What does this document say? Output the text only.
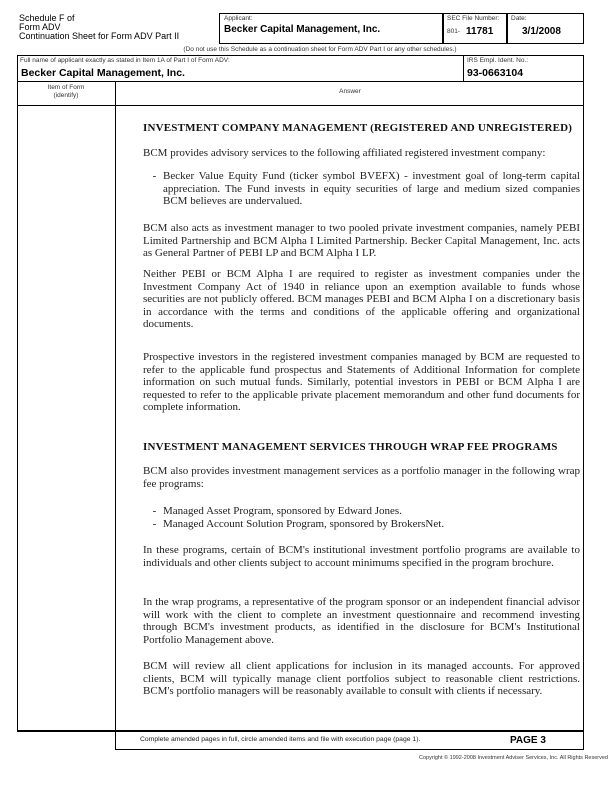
Schedule F of
Form ADV
Continuation Sheet for Form ADV Part II
Applicant:
Becker Capital Management, Inc.
SEC File Number:
801- 11781
Date:
3/1/2008
(Do not use this Schedule as a continuation sheet for Form ADV Part I or any other schedules.)
Full name of applicant exactly as stated in Item 1A of Part I of Form ADV:
Becker Capital Management, Inc.
IRS Empl. Ident. No.:
93-0663104
Item of Form
(identify)
Answer
INVESTMENT COMPANY MANAGEMENT (REGISTERED AND UNREGISTERED)
BCM provides advisory services to the following affiliated registered investment company:
- Becker Value Equity Fund (ticker symbol BVEFX) - investment goal of long-term capital appreciation. The Fund invests in equity securities of large and medium sized companies BCM believes are undervalued.
BCM also acts as investment manager to two pooled private investment companies, namely PEBI Limited Partnership and BCM Alpha I Limited Partnership. Becker Capital Management, Inc. acts as General Partner of PEBI LP and BCM Alpha I LP.
Neither PEBI or BCM Alpha I are required to register as investment companies under the Investment Company Act of 1940 in reliance upon an exemption available to funds whose securities are not publicly offered. BCM manages PEBI and BCM Alpha I on a discretionary basis in accordance with the terms and conditions of the applicable offering and organizational documents.
Prospective investors in the registered investment companies managed by BCM are requested to refer to the applicable fund prospectus and Statements of Additional Information for complete information on such mutual funds. Similarly, potential investors in PEBI or BCM Alpha I are requested to refer to the applicable private placement memorandum and other fund documents for complete information.
INVESTMENT MANAGEMENT SERVICES THROUGH WRAP FEE PROGRAMS
BCM also provides investment management services as a portfolio manager in the following wrap fee programs:
- Managed Asset Program, sponsored by Edward Jones.
- Managed Account Solution Program, sponsored by BrokersNet.
In these programs, certain of BCM's institutional investment portfolio programs are available to individuals and other clients subject to account minimums specified in the program brochure.
In the wrap programs, a representative of the program sponsor or an independent financial advisor will work with the client to complete an investment questionnaire and recommend investing through BCM's investment products, as identified in the disclosure for BCM's Institutional Portfolio Management above.
BCM will review all client applications for inclusion in its managed accounts. For approved clients, BCM will typically manage client portfolios subject to reasonable client restrictions. BCM's portfolio managers will be reasonably available to consult with clients if necessary.
Complete amended pages in full, circle amended items and file with execution page (page 1).	PAGE 3
Copyright © 1992-2008 Investment Adviser Services, Inc. All Rights Reserved
